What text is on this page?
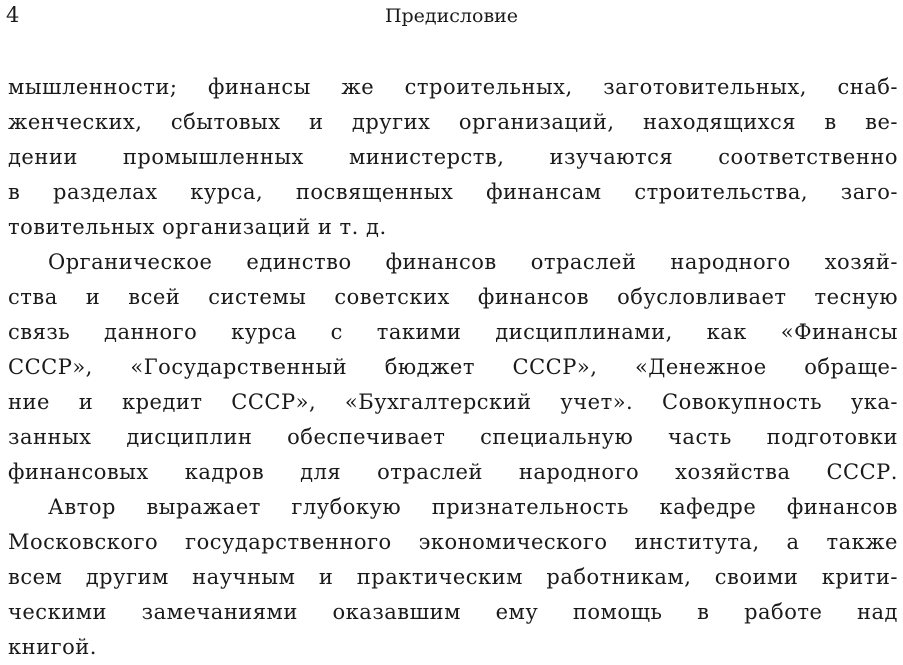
4	Предисловие
мышленности; финансы же строительных, заготовительных, снаб-
женческих, сбытовых и других организаций, находящихся в ве-
дении промышленных министерств, изучаются соответственно
в разделах курса, посвященных финансам строительства, заго-
товительных организаций и т. д.
Органическое единство финансов отраслей народного хозяй-
ства и всей системы советских финансов обусловливает тесную
связь данного курса с такими дисциплинами, как «Финансы
СССР», «Государственный бюджет СССР», «Денежное обраще-
ние и кредит СССР», «Бухгалтерский учет». Совокупность ука-
занных дисциплин обеспечивает специальную часть подготовки
финансовых кадров для отраслей народного хозяйства СССР.
Автор выражает глубокую признательность кафедре финансов
Московского государственного экономического института, а также
всем другим научным и практическим работникам, своими крити-
ческими замечаниями оказавшим ему помощь в работе над
книгой.
